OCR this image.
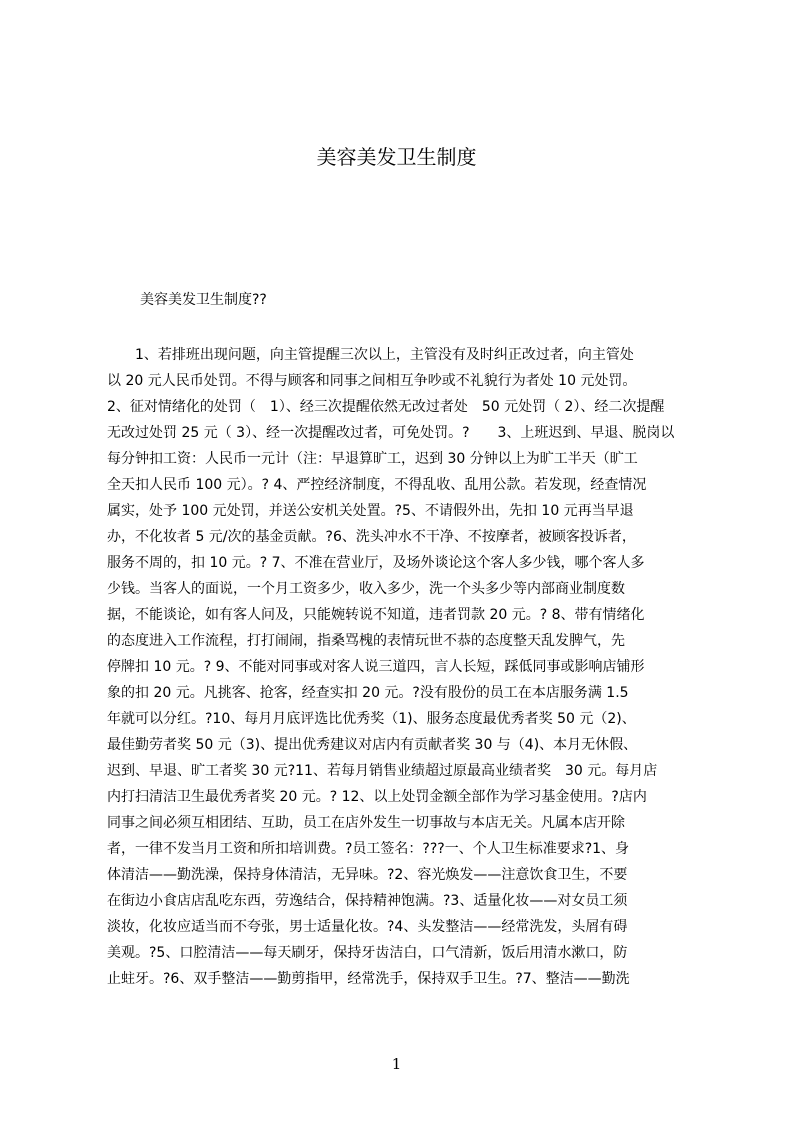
美容美发卫生制度
美容美发卫生制度??
　　1、若排班出现问题，向主管提醒三次以上，主管没有及时纠正改过者，向主管处
以 20 元人民币处罚。不得与顾客和同事之间相互争吵或不礼貌行为者处 10 元处罚。
2、征对情绪化的处罚（　1）、经三次提醒依然无改过者处　50 元处罚（ 2）、经二次提醒
无改过处罚 25 元（ 3）、经一次提醒改过者，可免处罚。?　　3、上班迟到、早退、脱岗以
每分钟扣工资：人民币一元计（注：早退算旷工，迟到 30 分钟以上为旷工半天（旷工
全天扣人民币 100 元）。? 4、严控经济制度，不得乱收、乱用公款。若发现，经查情况
属实，处予 100 元处罚，并送公安机关处置。?5、不请假外出，先扣 10 元再当早退
办，不化妆者 5 元/次的基金贡献。?6、洗头冲水不干净、不按摩者，被顾客投诉者，
服务不周的，扣 10 元。? 7、不准在营业厅，及场外谈论这个客人多少钱，哪个客人多
少钱。当客人的面说，一个月工资多少，收入多少，洗一个头多少等内部商业制度数
据，不能谈论，如有客人问及，只能婉转说不知道，违者罚款 20 元。? 8、带有情绪化
的态度进入工作流程，打打闹闹，指桑骂槐的表情玩世不恭的态度整天乱发脾气，先
停牌扣 10 元。? 9、不能对同事或对客人说三道四，言人长短，踩低同事或影响店铺形
象的扣 20 元。凡挑客、抢客，经查实扣 20 元。?没有股份的员工在本店服务满 1.5
年就可以分红。?10、每月月底评选比优秀奖（1)、服务态度最优秀者奖 50 元（2)、
最佳勤劳者奖 50 元（3)、提出优秀建议对店内有贡献者奖 30 与（4)、本月无休假、
迟到、早退、旷工者奖 30 元?11、若每月销售业绩超过原最高业绩者奖　30 元。每月店
内打扫清洁卫生最优秀者奖 20 元。? 12、以上处罚金额全部作为学习基金使用。?店内
同事之间必须互相团结、互助，员工在店外发生一切事故与本店无关。凡属本店开除
者，一律不发当月工资和所扣培训费。?员工签名：???一、个人卫生标准要求?1、身
体清洁——勤洗澡，保持身体清洁，无异味。?2、容光焕发——注意饮食卫生，不要
在街边小食店店乱吃东西，劳逸结合，保持精神饱满。?3、适量化妆——对女员工须
淡妆，化妆应适当而不夸张，男士适量化妆。?4、头发整洁——经常洗发，头屑有碍
美观。?5、口腔清洁——每天刷牙，保持牙齿洁白，口气清新，饭后用清水漱口，防
止蛀牙。?6、双手整洁——勤剪指甲，经常洗手，保持双手卫生。?7、整洁——勤洗
1
